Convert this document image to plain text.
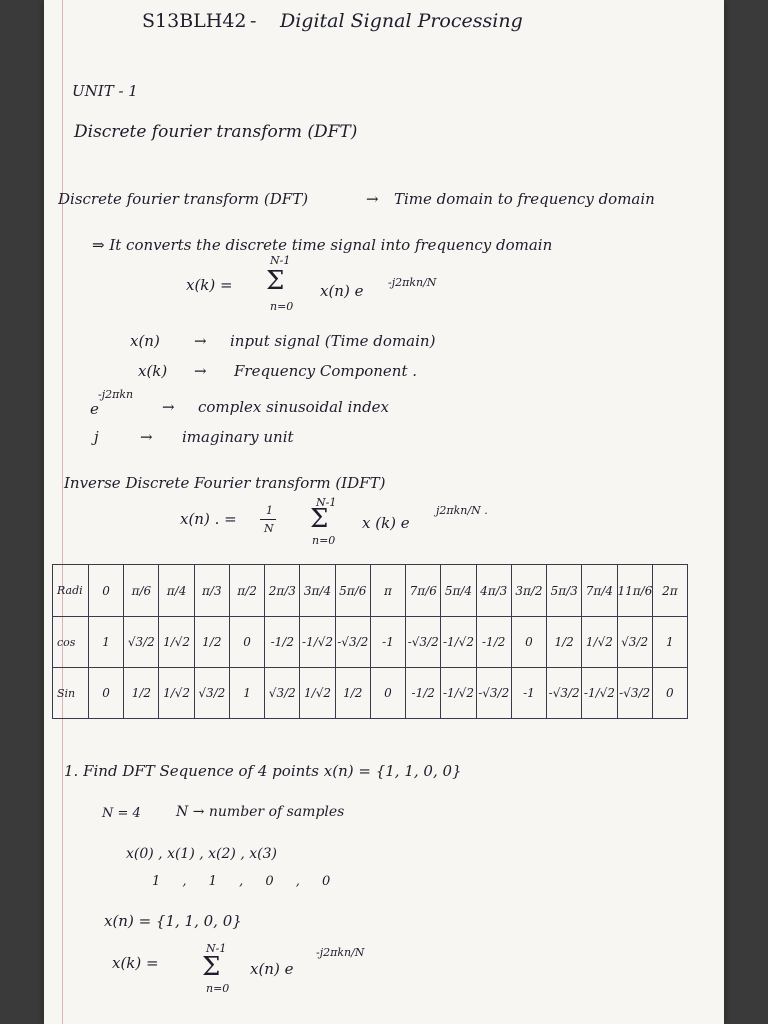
S13BLH42 - Digital Signal Processing
UNIT - 1
Discrete fourier transform (DFT)
Discrete fourier transform (DFT)	→ Time domain to frequency domain
⇒ It converts the discrete time signal into frequency domain
x(k) =
N-1
Σ
n=0
x(n) e -j2πkn/N
x(n) → input signal (Time domain)
x(k) → Frequency Component .
e
-j2πkn
→ complex sinusoidal index
j	→ imaginary unit
Inverse Discrete Fourier transform (IDFT)
x(n) . =	1
N
N-1
Σ
n=0
x (k) e
j2πkn/N .
Radi	0	π/6	π/4	π/3	π/2	2π/3	3π/4	5π/6	π	7π/6	5π/4	4π/3	3π/2	5π/3	7π/4	11π/6	2π
cos	1	√3/2	1/√2	1/2	0	-1/2	-1/√2	-√3/2	-1	-√3/2	-1/√2	-1/2	0	1/2	1/√2	√3/2	1
Sin	0	1/2	1/√2	√3/2	1	√3/2	1/√2	1/2	0	-1/2	-1/√2	-√3/2	-1	-√3/2	-1/√2	-√3/2	0
1. Find DFT Sequence of 4 points x(n) = {1, 1, 0, 0}
N = 4	N → number of samples
x(0) , x(1) , x(2) , x(3)
1 , 1 , 0 , 0
x(n) = {1, 1, 0, 0}
x(k) =
N-1
Σ
n=0
x(n) e
-j2πkn/N
